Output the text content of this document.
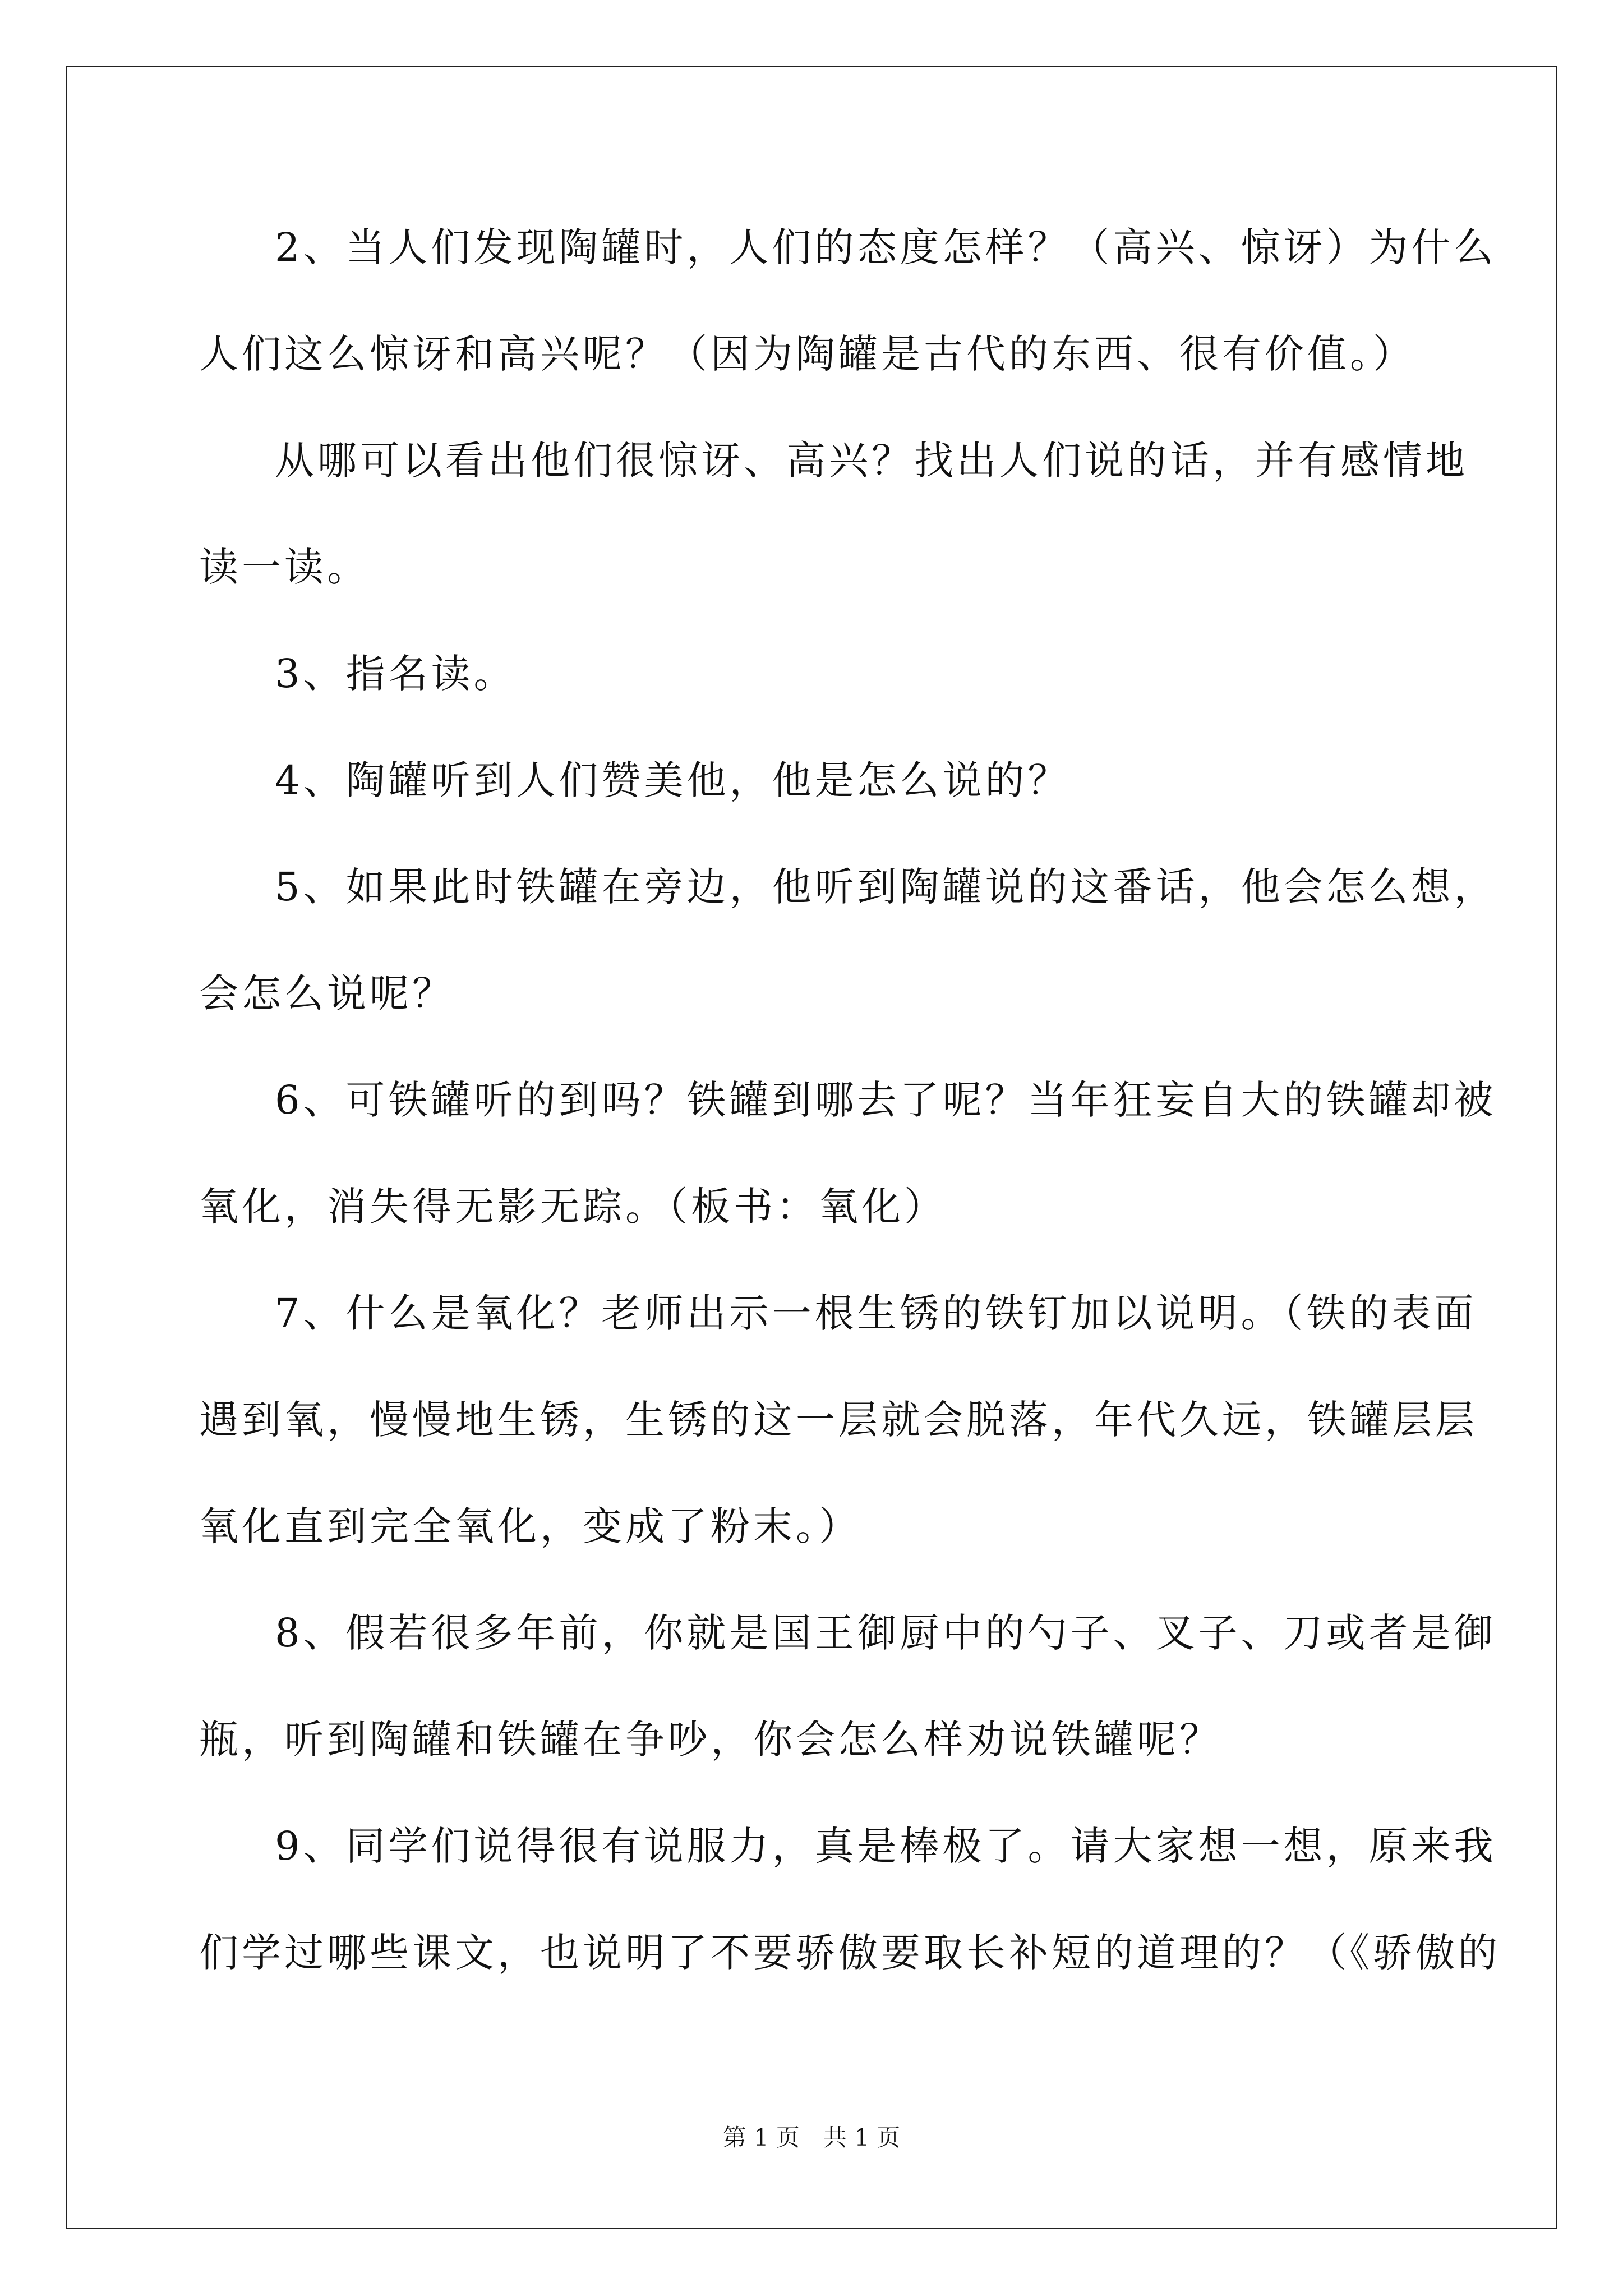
2、当人们发现陶罐时，人们的态度怎样？（高兴、惊讶）为什么
人们这么惊讶和高兴呢？（因为陶罐是古代的东西、很有价值。）
从哪可以看出他们很惊讶、高兴？找出人们说的话，并有感情地
读一读。
3、指名读。
4、陶罐听到人们赞美他，他是怎么说的？
5、如果此时铁罐在旁边，他听到陶罐说的这番话，他会怎么想，
会怎么说呢？
6、可铁罐听的到吗？铁罐到哪去了呢？当年狂妄自大的铁罐却被
氧化，消失得无影无踪。（板书：氧化）
7、什么是氧化？老师出示一根生锈的铁钉加以说明。（铁的表面
遇到氧，慢慢地生锈，生锈的这一层就会脱落，年代久远，铁罐层层
氧化直到完全氧化，变成了粉末。）
8、假若很多年前，你就是国王御厨中的勺子、叉子、刀或者是御
瓶，听到陶罐和铁罐在争吵，你会怎么样劝说铁罐呢？
9、同学们说得很有说服力，真是棒极了。请大家想一想，原来我
们学过哪些课文，也说明了不要骄傲要取长补短的道理的？（《骄傲的
第 1 页　共 1 页
